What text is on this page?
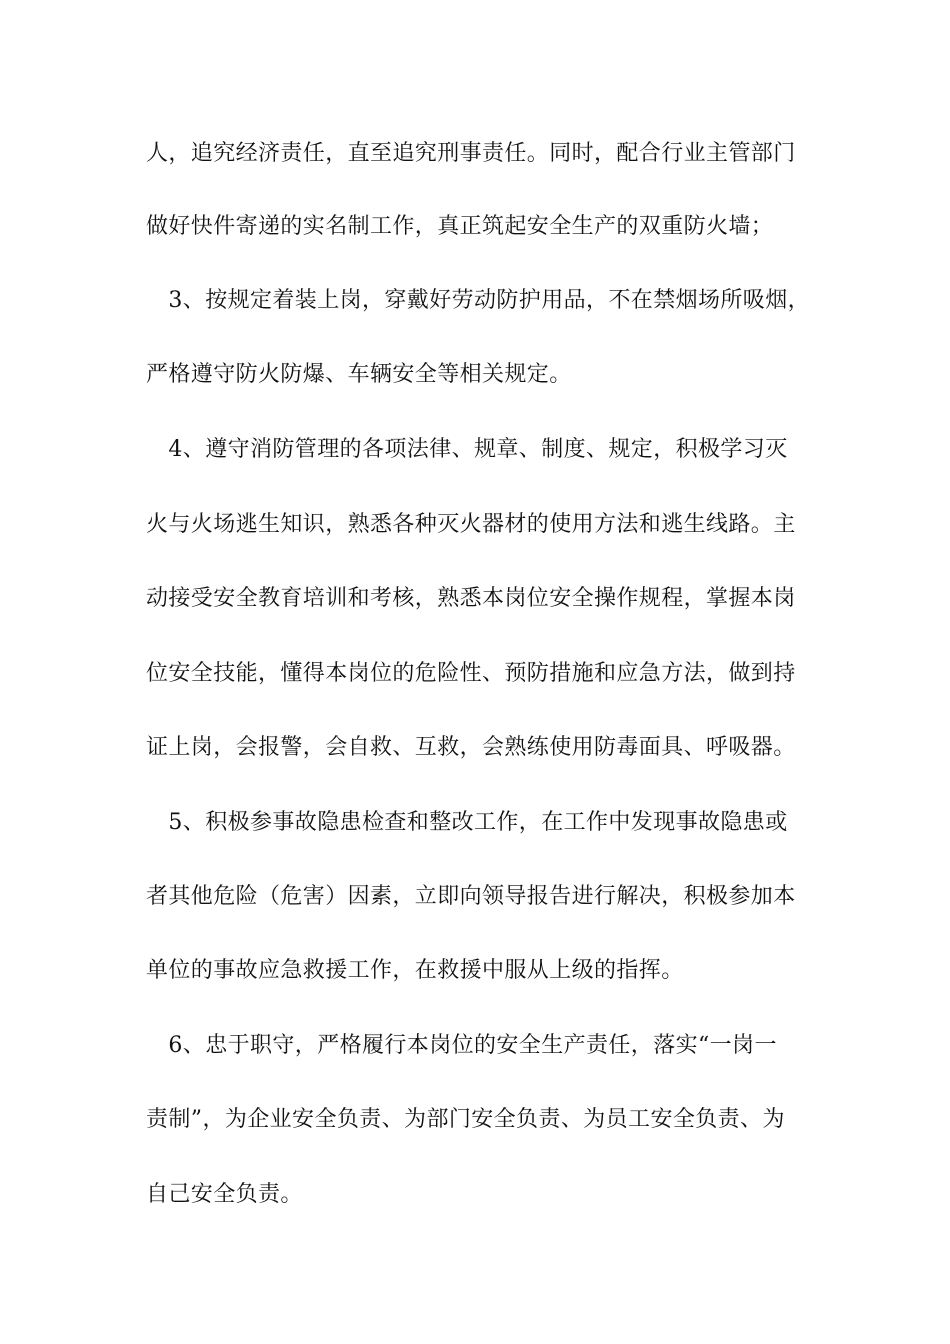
人，追究经济责任，直至追究刑事责任。同时，配合行业主管部门
做好快件寄递的实名制工作，真正筑起安全生产的双重防火墙；
　3、按规定着装上岗，穿戴好劳动防护用品，不在禁烟场所吸烟，
严格遵守防火防爆、车辆安全等相关规定。
　4、遵守消防管理的各项法律、规章、制度、规定，积极学习灭
火与火场逃生知识，熟悉各种灭火器材的使用方法和逃生线路。主
动接受安全教育培训和考核，熟悉本岗位安全操作规程，掌握本岗
位安全技能，懂得本岗位的危险性、预防措施和应急方法，做到持
证上岗，会报警，会自救、互救，会熟练使用防毒面具、呼吸器。
　5、积极参事故隐患检查和整改工作，在工作中发现事故隐患或
者其他危险（危害）因素，立即向领导报告进行解决，积极参加本
单位的事故应急救援工作，在救援中服从上级的指挥。
　6、忠于职守，严格履行本岗位的安全生产责任，落实“一岗一
责制”，为企业安全负责、为部门安全负责、为员工安全负责、为
自己安全负责。
